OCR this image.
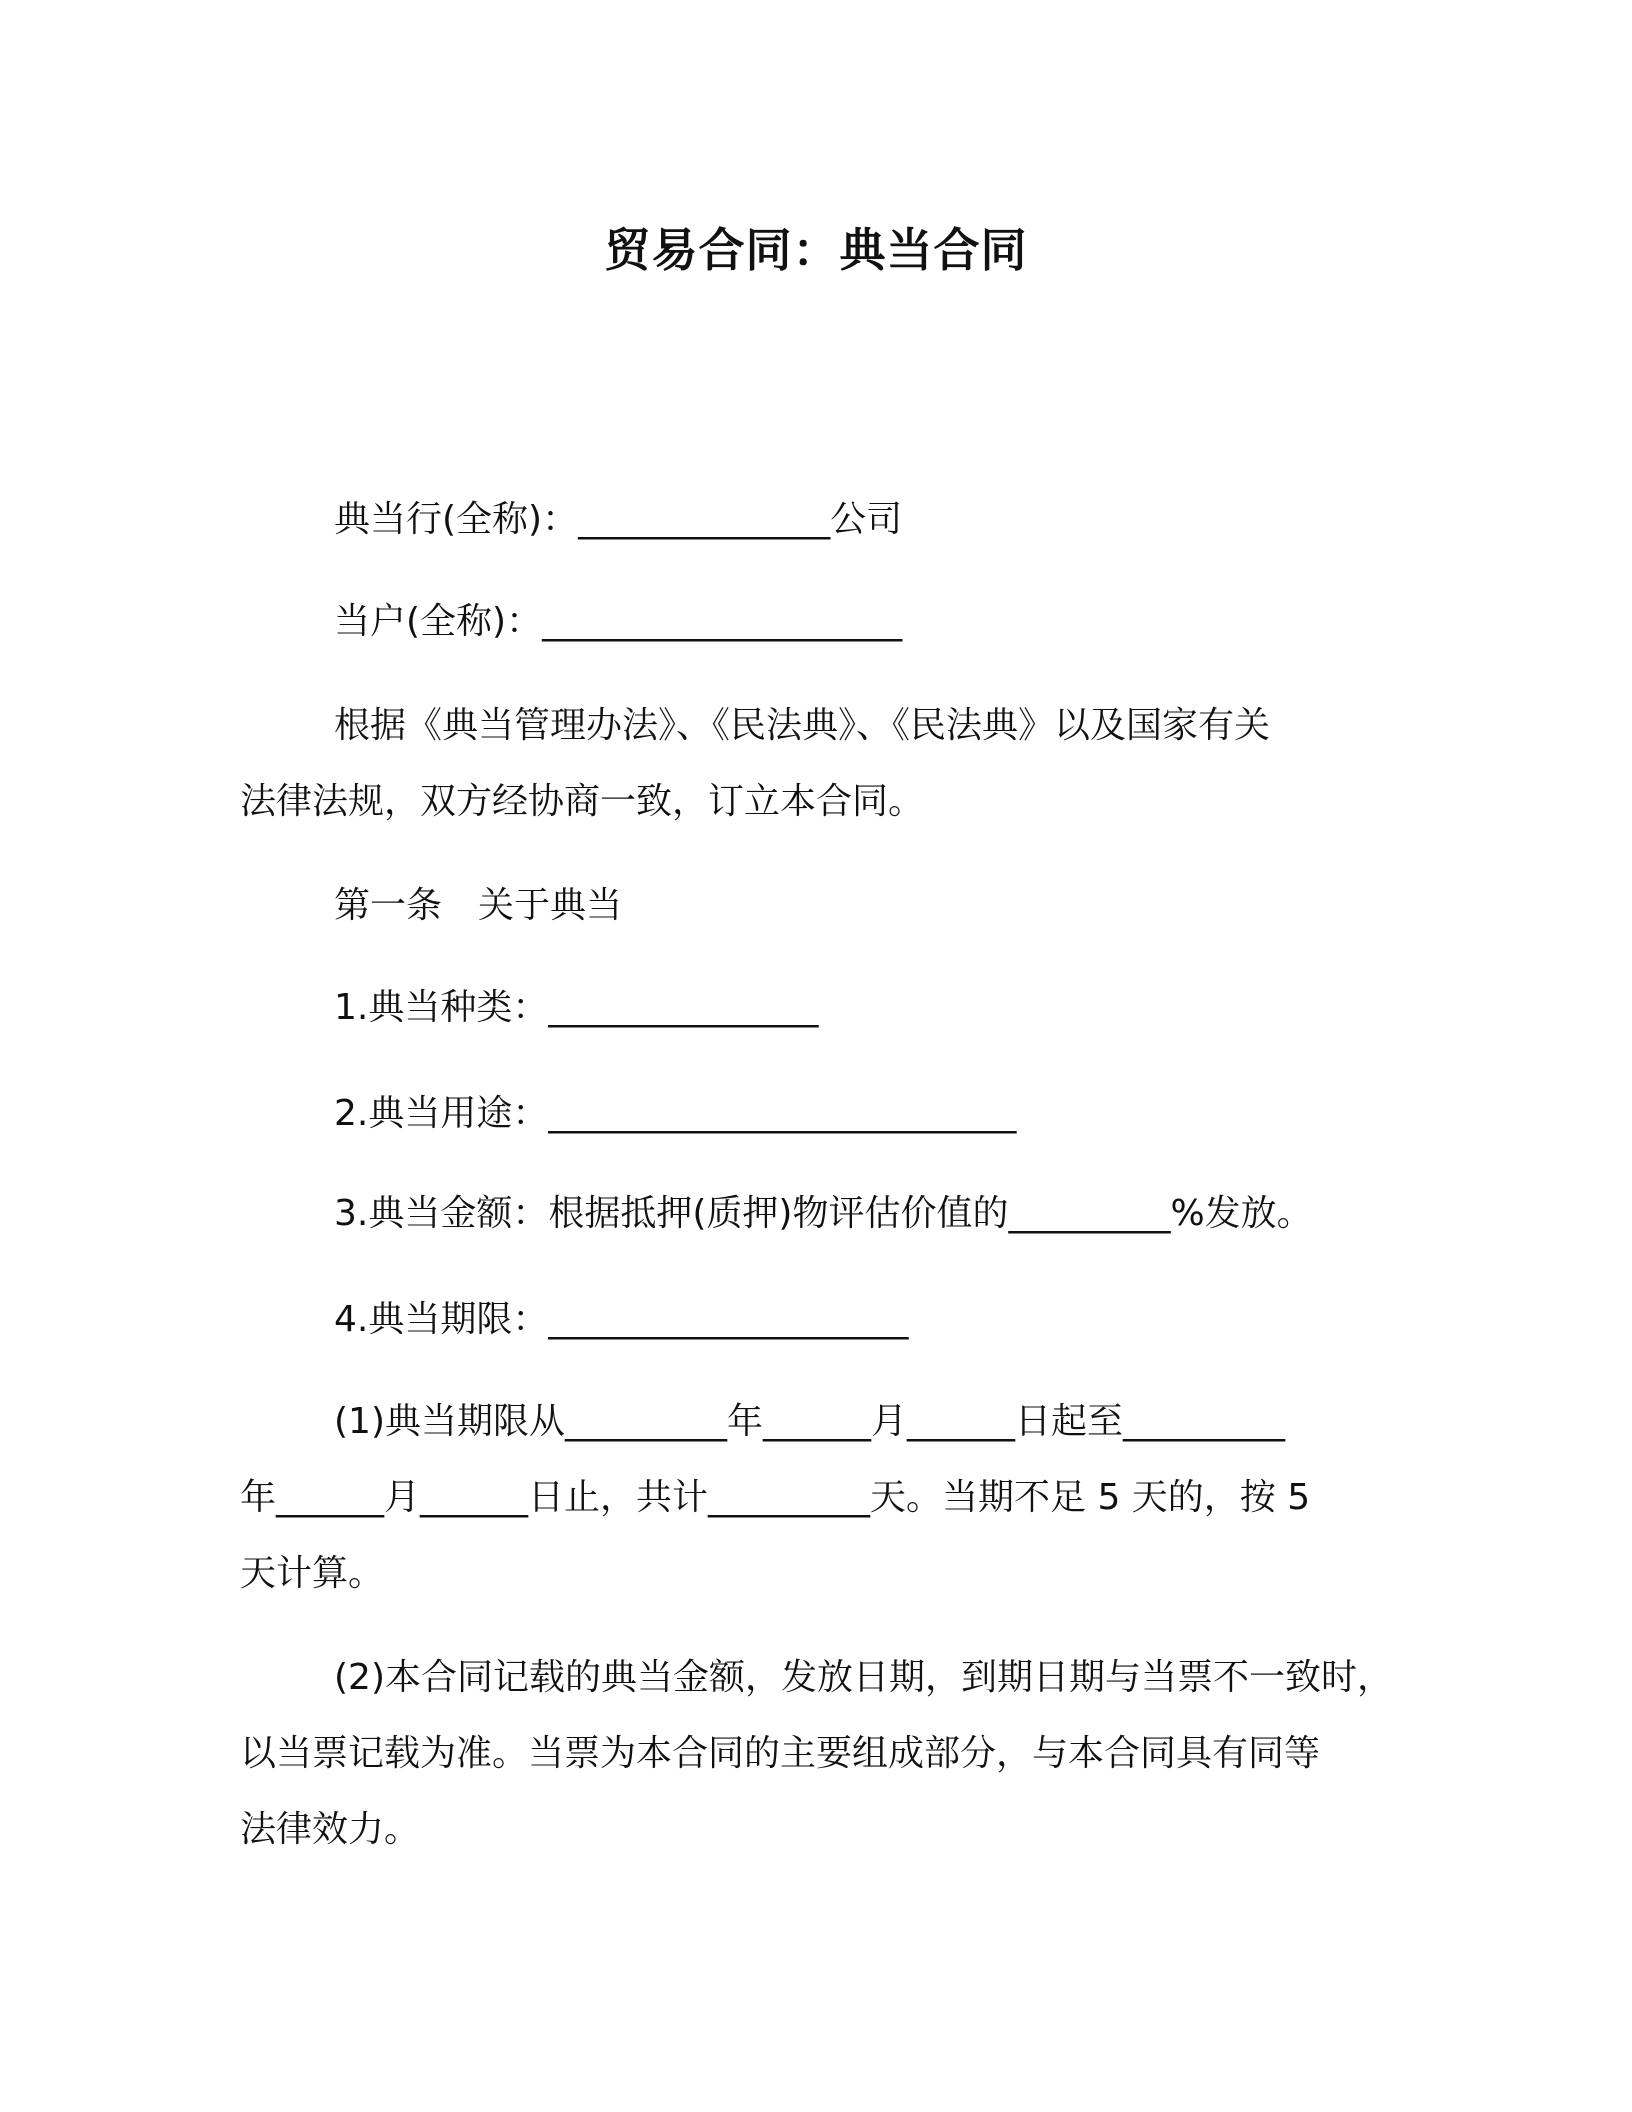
贸易合同：典当合同
典当行(全称)：______________公司
当户(全称)：____________________
根据《典当管理办法》、《民法典》、《民法典》以及国家有关
法律法规，双方经协商一致，订立本合同。
第一条　关于典当
1.典当种类：_______________
2.典当用途：__________________________
3.典当金额：根据抵押(质押)物评估价值的_________%发放。
4.典当期限：____________________
(1)典当期限从_________年______月______日起至_________
年______月______日止，共计_________天。当期不足 5 天的，按 5
天计算。
(2)本合同记载的典当金额，发放日期，到期日期与当票不一致时，
以当票记载为准。当票为本合同的主要组成部分，与本合同具有同等
法律效力。
